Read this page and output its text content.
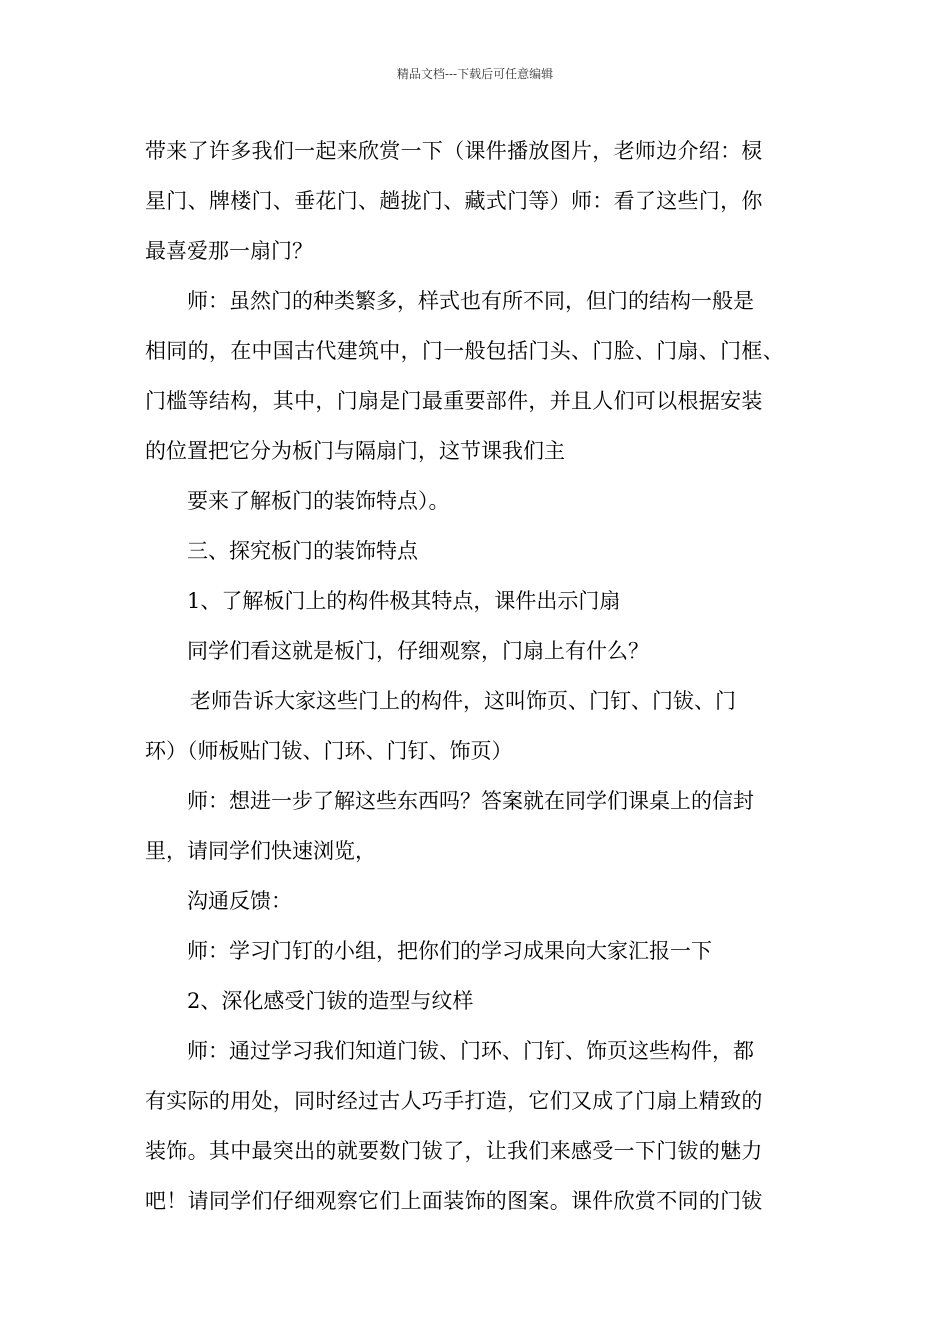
精品文档---下载后可任意编辑
带来了许多我们一起来欣赏一下（课件播放图片，老师边介绍：棂
星门、牌楼门、垂花门、趟拢门、藏式门等）师：看了这些门，你
最喜爱那一扇门？
师：虽然门的种类繁多，样式也有所不同，但门的结构一般是
相同的，在中国古代建筑中，门一般包括门头、门脸、门扇、门框、
门槛等结构，其中，门扇是门最重要部件，并且人们可以根据安装
的位置把它分为板门与隔扇门，这节课我们主
要来了解板门的装饰特点）。
三、探究板门的装饰特点
1、了解板门上的构件极其特点，课件出示门扇
同学们看这就是板门，仔细观察，门扇上有什么？
老师告诉大家这些门上的构件，这叫饰页、门钉、门钹、门
环）（师板贴门钹、门环、门钉、饰页）
师：想进一步了解这些东西吗？答案就在同学们课桌上的信封
里，请同学们快速浏览，
沟通反馈：
师：学习门钉的小组，把你们的学习成果向大家汇报一下
2、深化感受门钹的造型与纹样
师：通过学习我们知道门钹、门环、门钉、饰页这些构件，都
有实际的用处，同时经过古人巧手打造，它们又成了门扇上精致的
装饰。其中最突出的就要数门钹了，让我们来感受一下门钹的魅力
吧！请同学们仔细观察它们上面装饰的图案。课件欣赏不同的门钹
